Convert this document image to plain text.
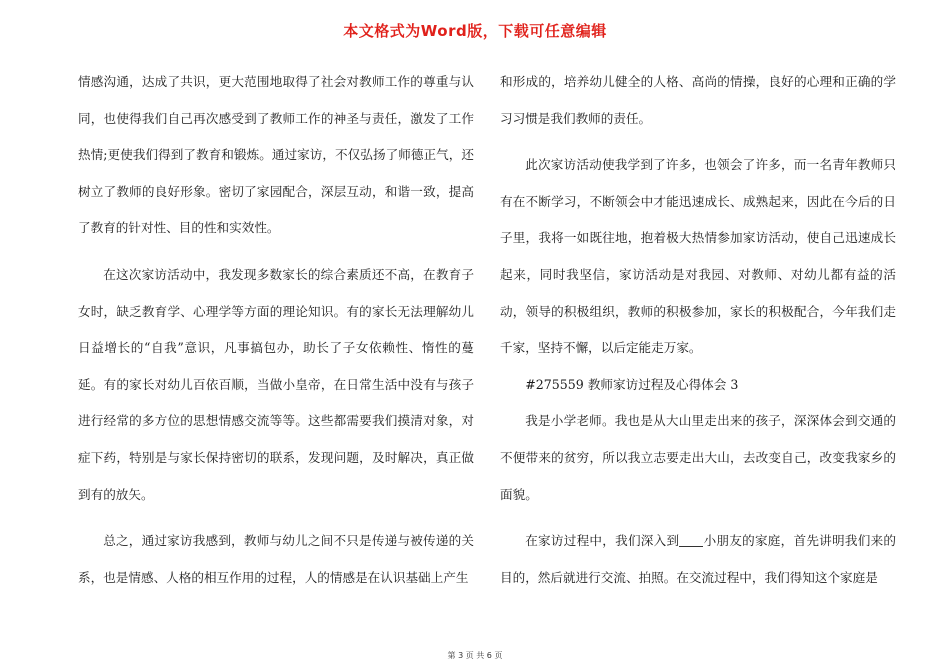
本文格式为Word版，下载可任意编辑

情感沟通，达成了共识，更大范围地取得了社会对教师工作的尊重与认同，也使得我们自己再次感受到了教师工作的神圣与责任，激发了工作热情;更使我们得到了教育和锻炼。通过家访，不仅弘扬了师德正气，还树立了教师的良好形象。密切了家园配合，深层互动，和谐一致，提高了教育的针对性、目的性和实效性。

在这次家访活动中，我发现多数家长的综合素质还不高，在教育子女时，缺乏教育学、心理学等方面的理论知识。有的家长无法理解幼儿日益增长的“自我”意识，凡事搞包办，助长了子女依赖性、惰性的蔓延。有的家长对幼儿百依百顺，当做小皇帝，在日常生活中没有与孩子进行经常的多方位的思想情感交流等等。这些都需要我们摸清对象，对症下药，特别是与家长保持密切的联系，发现问题，及时解决，真正做到有的放矢。

总之，通过家访我感到，教师与幼儿之间不只是传递与被传递的关系，也是情感、人格的相互作用的过程，人的情感是在认识基础上产生

和形成的，培养幼儿健全的人格、高尚的情操，良好的心理和正确的学习习惯是我们教师的责任。

此次家访活动使我学到了许多，也领会了许多，而一名青年教师只有在不断学习，不断领会中才能迅速成长、成熟起来，因此在今后的日子里，我将一如既往地，抱着极大热情参加家访活动，使自己迅速成长起来，同时我坚信，家访活动是对我园、对教师、对幼儿都有益的活动，领导的积极组织，教师的积极参加，家长的积极配合，今年我们走千家，坚持不懈，以后定能走万家。

#275559 教师家访过程及心得体会 3

我是小学老师。我也是从大山里走出来的孩子，深深体会到交通的不便带来的贫穷，所以我立志要走出大山，去改变自己，改变我家乡的面貌。

在家访过程中，我们深入到 小朋友的家庭，首先讲明我们来的目的，然后就进行交流、拍照。在交流过程中，我们得知这个家庭是

第 3 页 共 6 页
